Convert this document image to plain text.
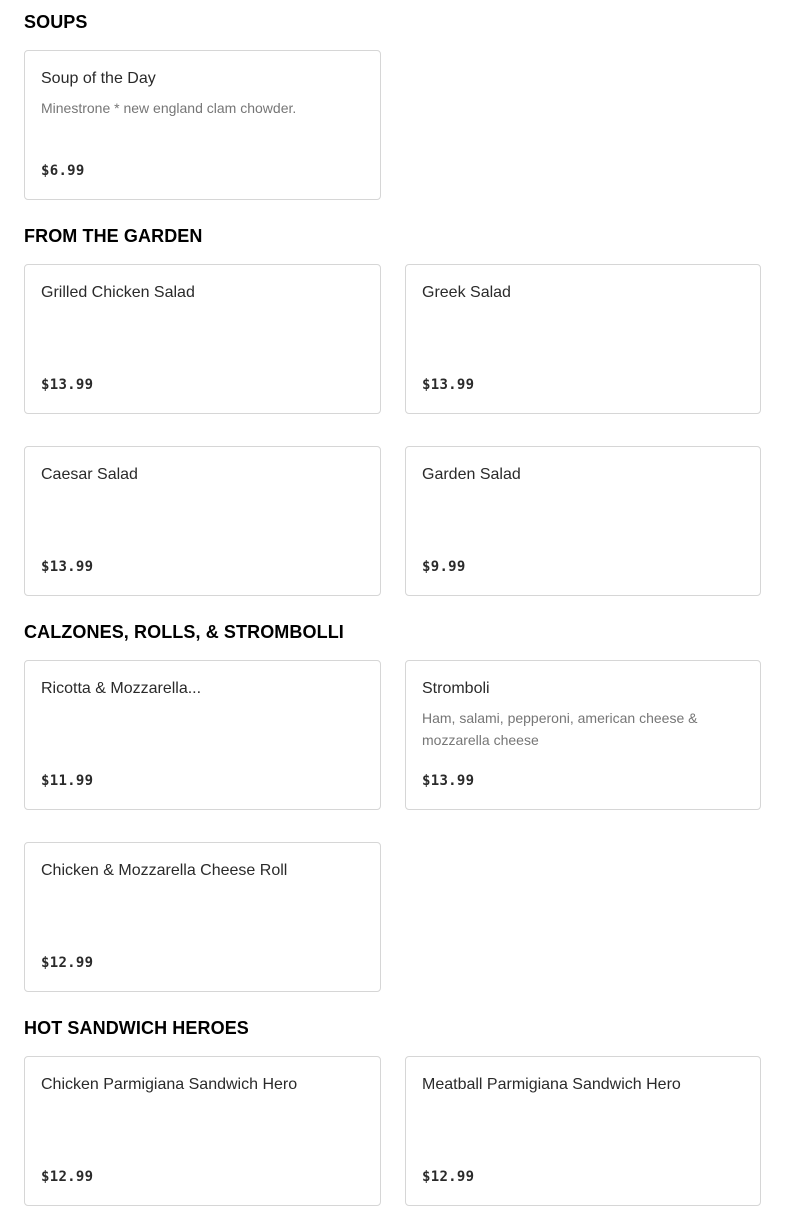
SOUPS
Soup of the Day
Minestrone * new england clam chowder.
$6.99
FROM THE GARDEN
Grilled Chicken Salad
$13.99
Greek Salad
$13.99
Caesar Salad
$13.99
Garden Salad
$9.99
CALZONES, ROLLS, & STROMBOLLI
Ricotta & Mozzarella...
$11.99
Stromboli
Ham, salami, pepperoni, american cheese & mozzarella cheese
$13.99
Chicken & Mozzarella Cheese Roll
$12.99
HOT SANDWICH HEROES
Chicken Parmigiana Sandwich Hero
$12.99
Meatball Parmigiana Sandwich Hero
$12.99
